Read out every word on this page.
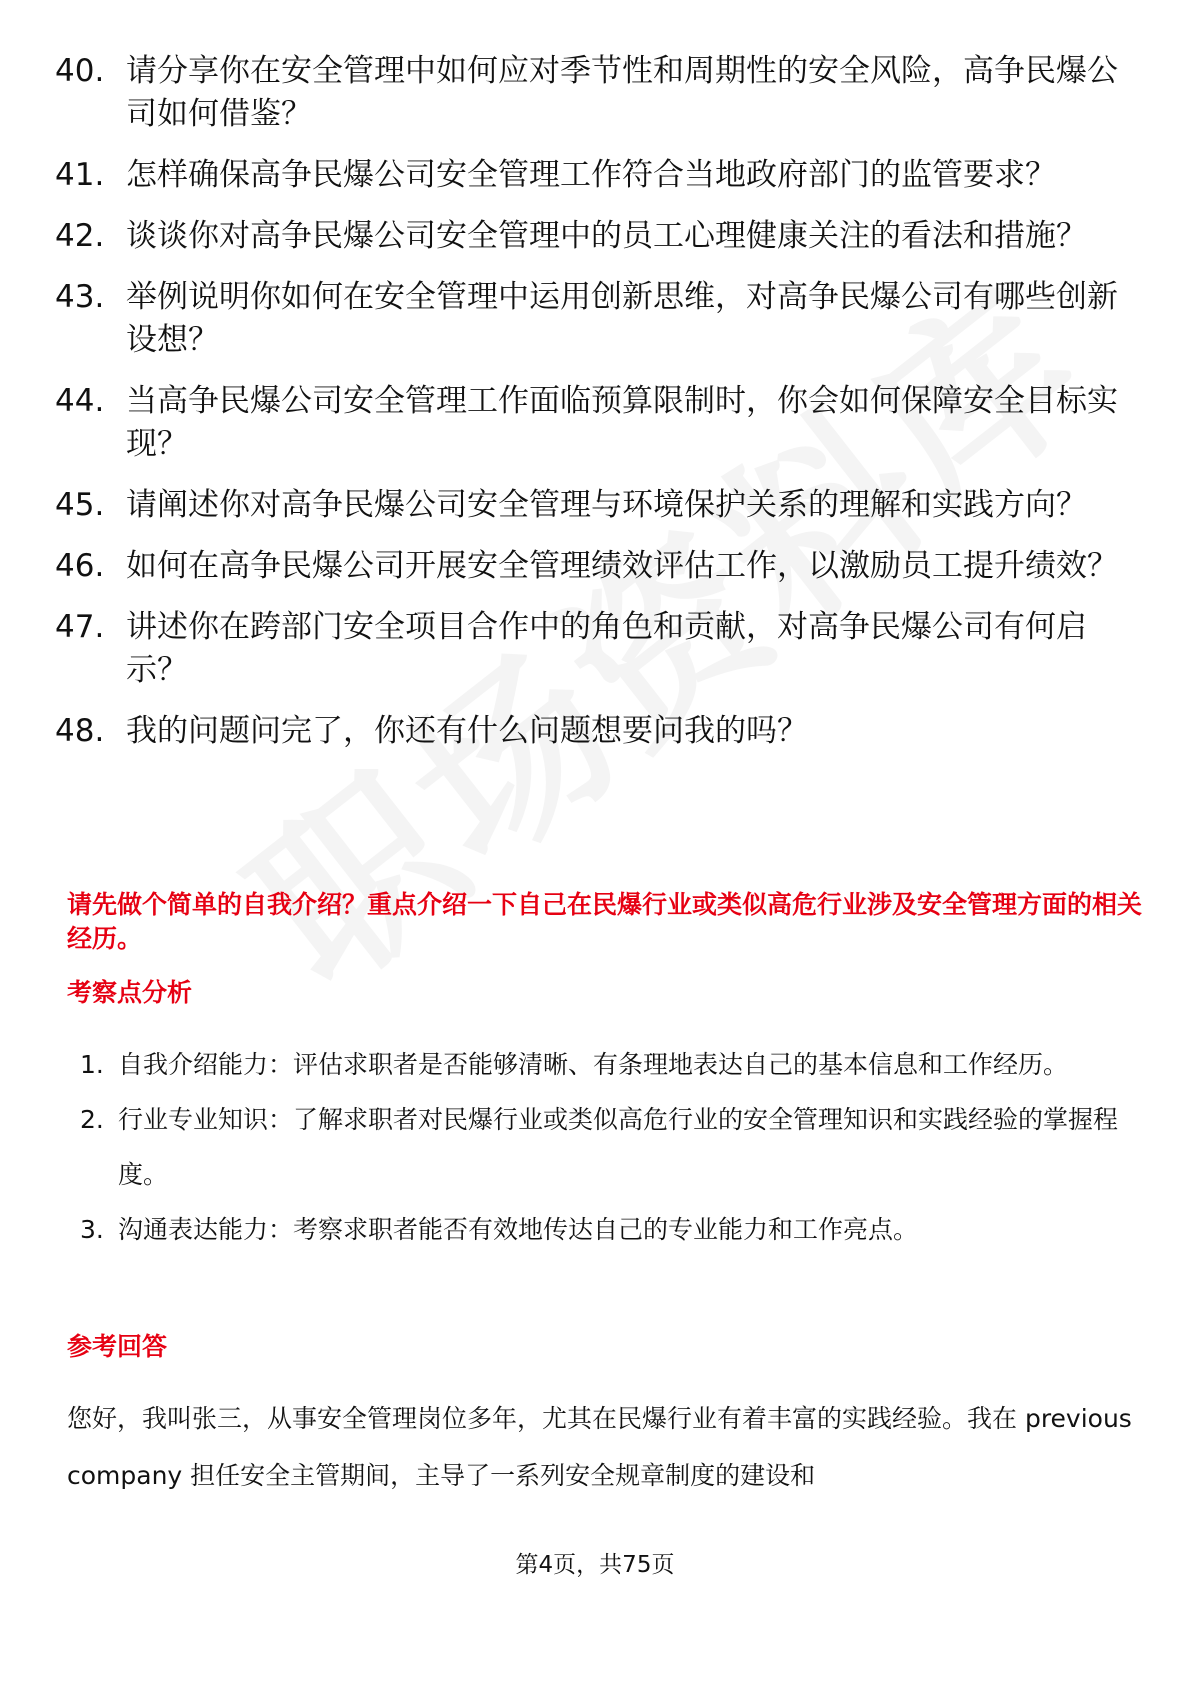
40. 请分享你在安全管理中如何应对季节性和周期性的安全风险，高争民爆公司如何借鉴？
41. 怎样确保高争民爆公司安全管理工作符合当地政府部门的监管要求？
42. 谈谈你对高争民爆公司安全管理中的员工心理健康关注的看法和措施？
43. 举例说明你如何在安全管理中运用创新思维，对高争民爆公司有哪些创新设想？
44. 当高争民爆公司安全管理工作面临预算限制时，你会如何保障安全目标实现？
45. 请阐述你对高争民爆公司安全管理与环境保护关系的理解和实践方向？
46. 如何在高争民爆公司开展安全管理绩效评估工作，以激励员工提升绩效？
47. 讲述你在跨部门安全项目合作中的角色和贡献，对高争民爆公司有何启示？
48. 我的问题问完了，你还有什么问题想要问我的吗？

请先做个简单的自我介绍？重点介绍一下自己在民爆行业或类似高危行业涉及安全管理方面的相关经历。

考察点分析
1. 自我介绍能力：评估求职者是否能够清晰、有条理地表达自己的基本信息和工作经历。
2. 行业专业知识：了解求职者对民爆行业或类似高危行业的安全管理知识和实践经验的掌握程度。
3. 沟通表达能力：考察求职者能否有效地传达自己的专业能力和工作亮点。
参考回答

您好，我叫张三，从事安全管理岗位多年，尤其在民爆行业有着丰富的实践经验。我在 previous company 担任安全主管期间，主导了一系列安全规章制度的建设和

第4页，共75页
